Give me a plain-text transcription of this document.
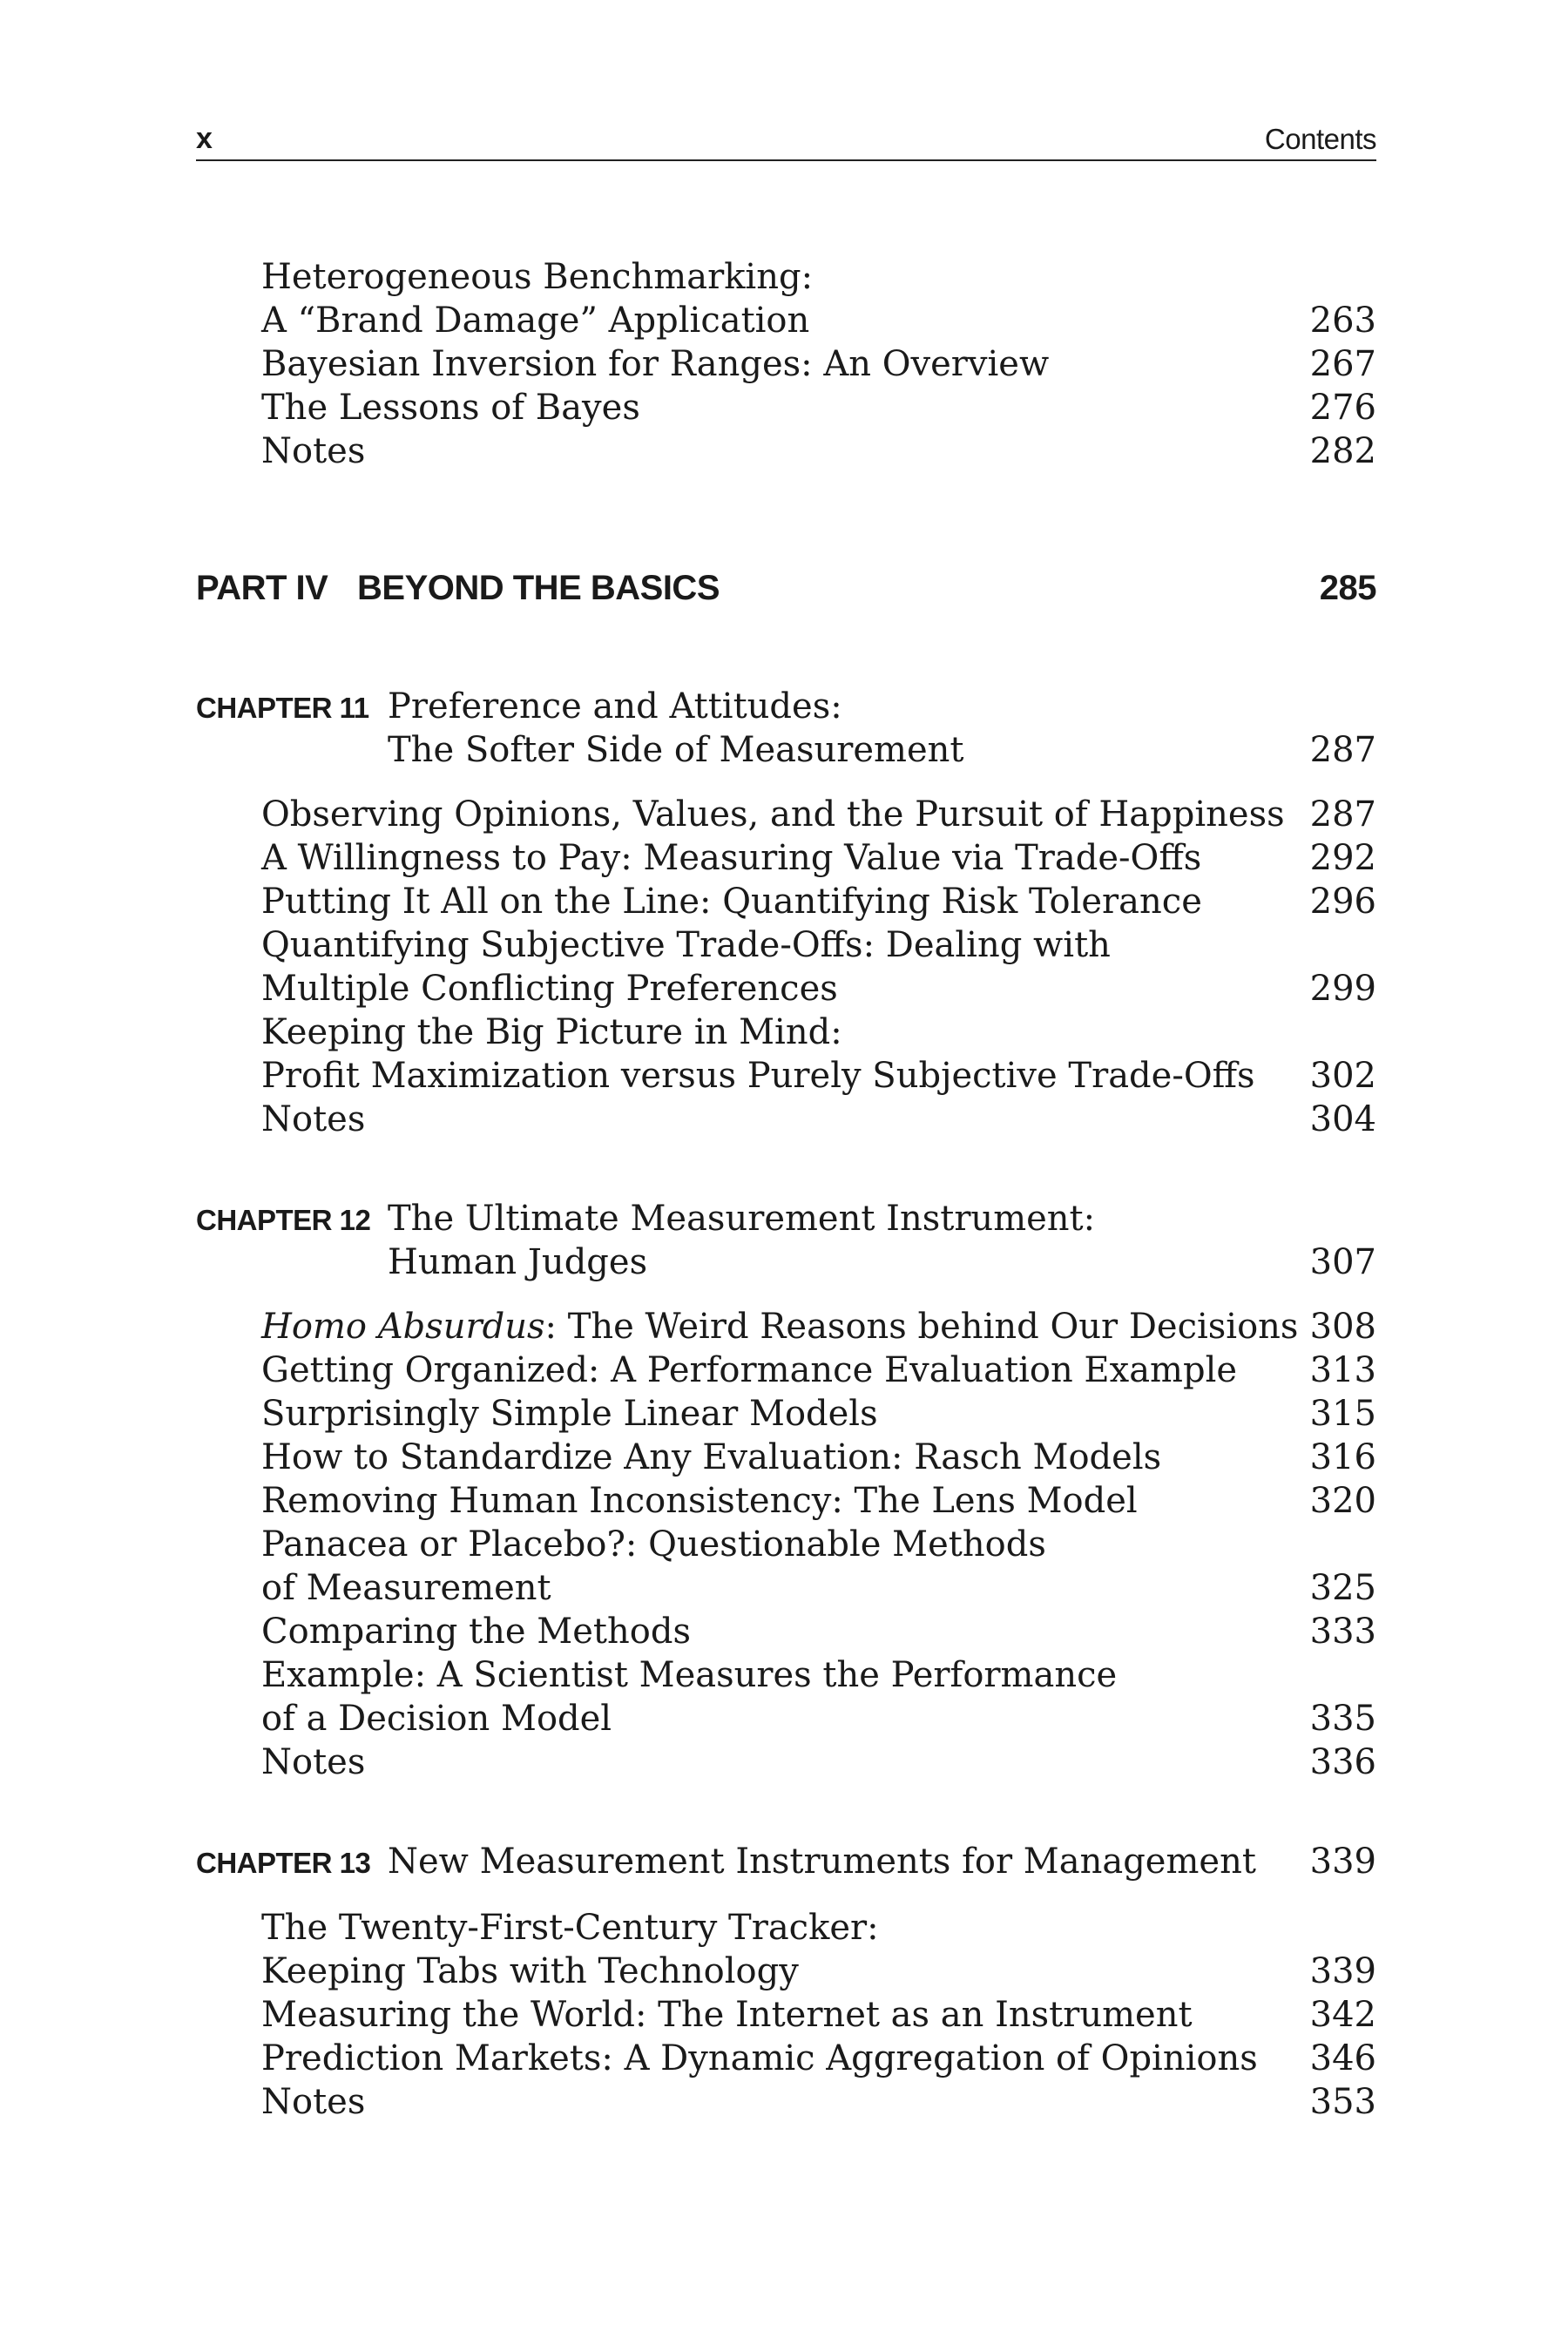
x	Contents
Heterogeneous Benchmarking:
A “Brand Damage” Application	263
Bayesian Inversion for Ranges: An Overview	267
The Lessons of Bayes	276
Notes	282
PART IV BEYOND THE BASICS	285
CHAPTER 11 Preference and Attitudes:
The Softer Side of Measurement	287
Observing Opinions, Values, and the Pursuit of Happiness 287
A Willingness to Pay: Measuring Value via Trade-Offs	292
Putting It All on the Line: Quantifying Risk Tolerance	296
Quantifying Subjective Trade-Offs: Dealing with
Multiple Conflicting Preferences	299
Keeping the Big Picture in Mind:
Profit Maximization versus Purely Subjective Trade-Offs 302
Notes	304
CHAPTER 12 The Ultimate Measurement Instrument:
Human Judges	307
Homo Absurdus: The Weird Reasons behind Our Decisions 308
Getting Organized: A Performance Evaluation Example 313
Surprisingly Simple Linear Models	315
How to Standardize Any Evaluation: Rasch Models	316
Removing Human Inconsistency: The Lens Model	320
Panacea or Placebo?: Questionable Methods
of Measurement	325
Comparing the Methods	333
Example: A Scientist Measures the Performance
of a Decision Model	335
Notes	336
CHAPTER 13 New Measurement Instruments for Management 339
The Twenty-First-Century Tracker:
Keeping Tabs with Technology	339
Measuring the World: The Internet as an Instrument	342
Prediction Markets: A Dynamic Aggregation of Opinions 346
Notes	353
